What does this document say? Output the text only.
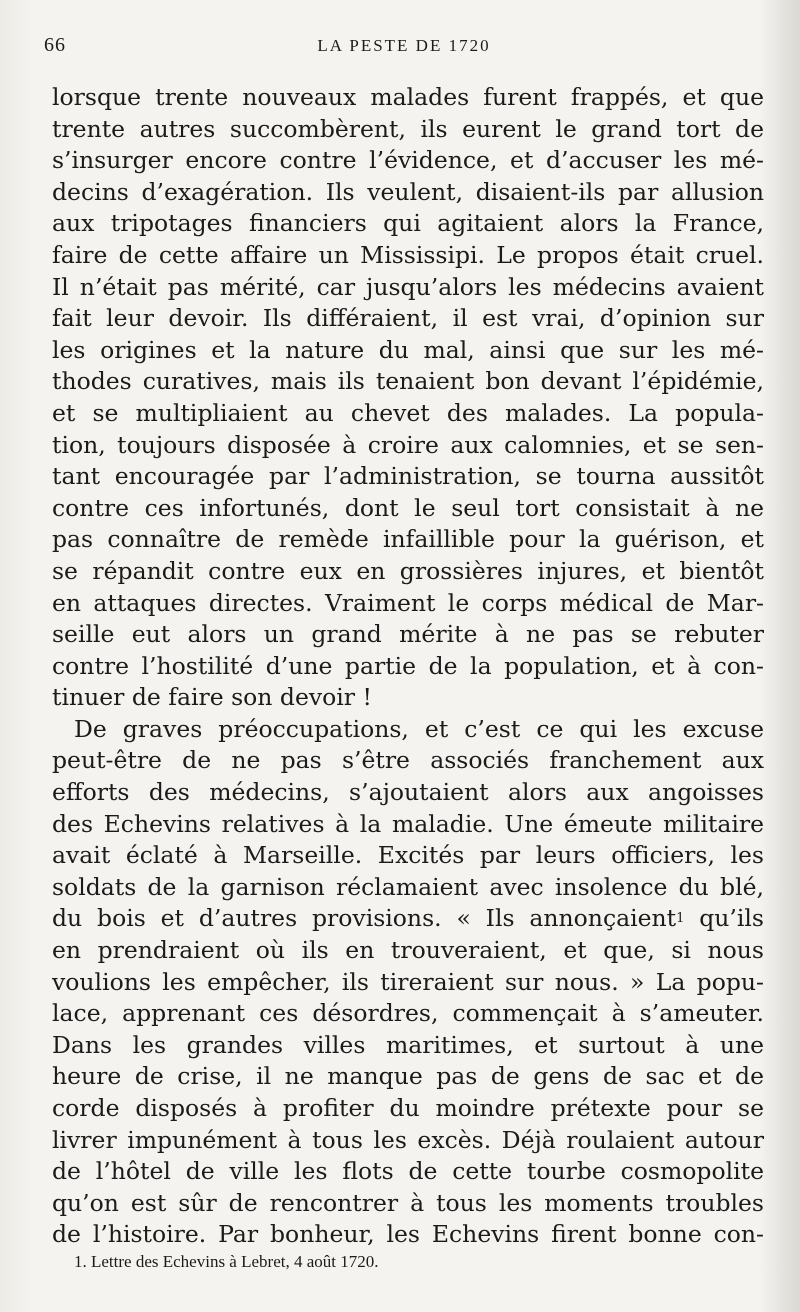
66	LA PESTE DE 1720
lorsque trente nouveaux malades furent frappés, et que
trente autres succombèrent, ils eurent le grand tort de
s’insurger encore contre l’évidence, et d’accuser les mé-
decins d’exagération. Ils veulent, disaient-ils par allusion
aux tripotages financiers qui agitaient alors la France,
faire de cette affaire un Mississipi. Le propos était cruel.
Il n’était pas mérité, car jusqu’alors les médecins avaient
fait leur devoir. Ils différaient, il est vrai, d’opinion sur
les origines et la nature du mal, ainsi que sur les mé-
thodes curatives, mais ils tenaient bon devant l’épidémie,
et se multipliaient au chevet des malades. La popula-
tion, toujours disposée à croire aux calomnies, et se sen-
tant encouragée par l’administration, se tourna aussitôt
contre ces infortunés, dont le seul tort consistait à ne
pas connaître de remède infaillible pour la guérison, et
se répandit contre eux en grossières injures, et bientôt
en attaques directes. Vraiment le corps médical de Mar-
seille eut alors un grand mérite à ne pas se rebuter
contre l’hostilité d’une partie de la population, et à con-
tinuer de faire son devoir !
De graves préoccupations, et c’est ce qui les excuse
peut-être de ne pas s’être associés franchement aux
efforts des médecins, s’ajoutaient alors aux angoisses
des Echevins relatives à la maladie. Une émeute militaire
avait éclaté à Marseille. Excités par leurs officiers, les
soldats de la garnison réclamaient avec insolence du blé,
du bois et d’autres provisions. « Ils annonçaient$^1$ qu’ils
en prendraient où ils en trouveraient, et que, si nous
voulions les empêcher, ils tireraient sur nous. » La popu-
lace, apprenant ces désordres, commençait à s’ameuter.
Dans les grandes villes maritimes, et surtout à une
heure de crise, il ne manque pas de gens de sac et de
corde disposés à profiter du moindre prétexte pour se
livrer impunément à tous les excès. Déjà roulaient autour
de l’hôtel de ville les flots de cette tourbe cosmopolite
qu’on est sûr de rencontrer à tous les moments troubles
de l’histoire. Par bonheur, les Echevins firent bonne con-
1. Lettre des Echevins à Lebret, 4 août 1720.
